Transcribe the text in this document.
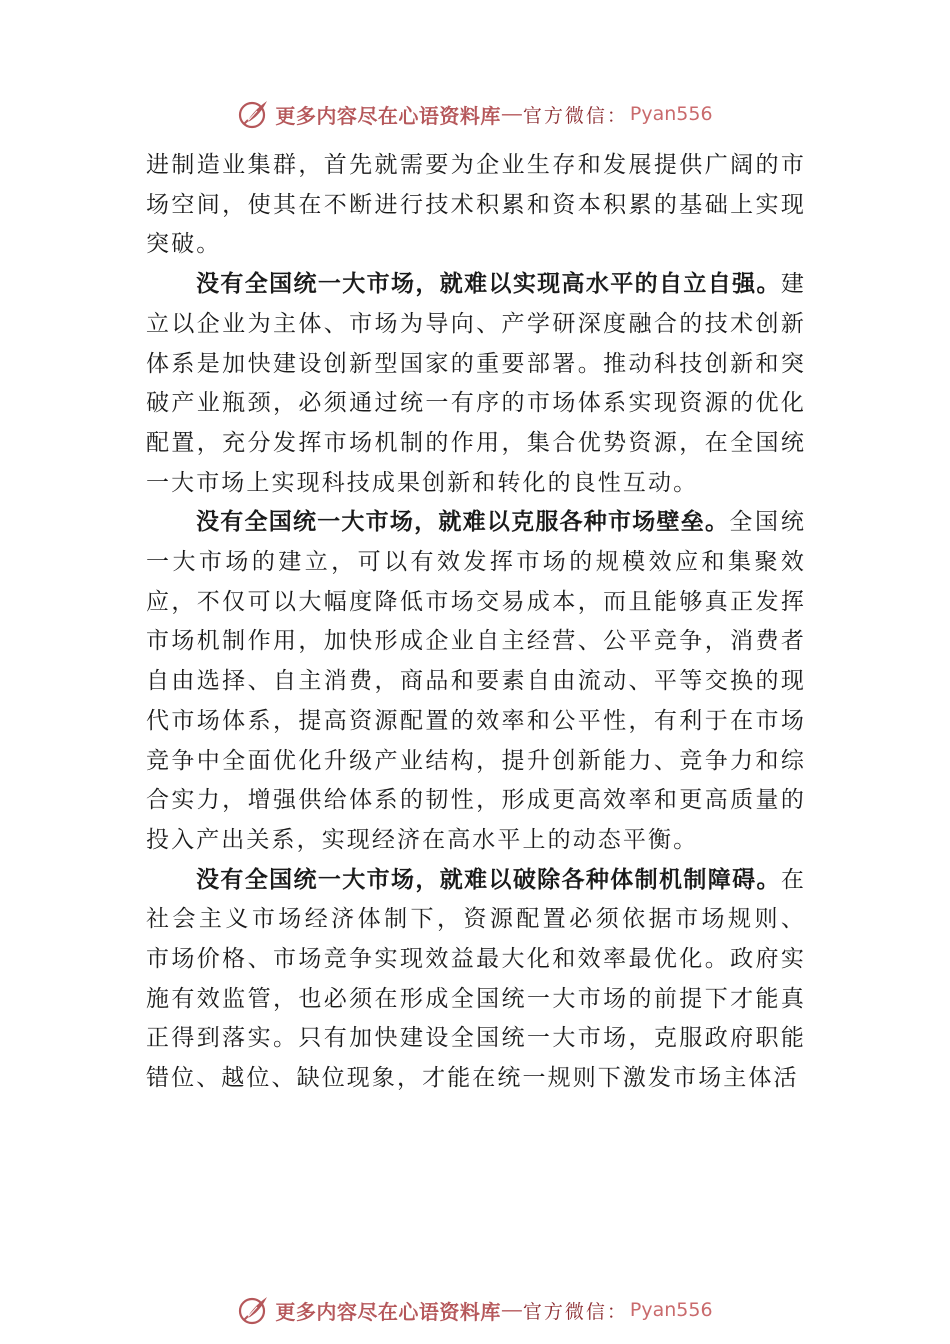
更多内容尽在心语资料库 — 官方微信： Pyan556

进制造业集群，首先就需要为企业生存和发展提供广阔的市场空间，使其在不断进行技术积累和资本积累的基础上实现突破。

没有全国统一大市场，就难以实现高水平的自立自强。建立以企业为主体、市场为导向、产学研深度融合的技术创新体系是加快建设创新型国家的重要部署。推动科技创新和突破产业瓶颈，必须通过统一有序的市场体系实现资源的优化配置，充分发挥市场机制的作用，集合优势资源，在全国统一大市场上实现科技成果创新和转化的良性互动。

没有全国统一大市场，就难以克服各种市场壁垒。全国统一大市场的建立，可以有效发挥市场的规模效应和集聚效应，不仅可以大幅度降低市场交易成本，而且能够真正发挥市场机制作用，加快形成企业自主经营、公平竞争，消费者自由选择、自主消费，商品和要素自由流动、平等交换的现代市场体系，提高资源配置的效率和公平性，有利于在市场竞争中全面优化升级产业结构，提升创新能力、竞争力和综合实力，增强供给体系的韧性，形成更高效率和更高质量的投入产出关系，实现经济在高水平上的动态平衡。

没有全国统一大市场，就难以破除各种体制机制障碍。在社会主义市场经济体制下，资源配置必须依据市场规则、 市场价格、市场竞争实现效益最大化和效率最优化。政府实施有效监管，也必须在形成全国统一大市场的前提下才能真正得到落实。只有加快建设全国统一大市场，克服政府职能错位、越位、缺位现象，才能在统一规则下激发市场主体活

更多内容尽在心语资料库 — 官方微信： Pyan556
